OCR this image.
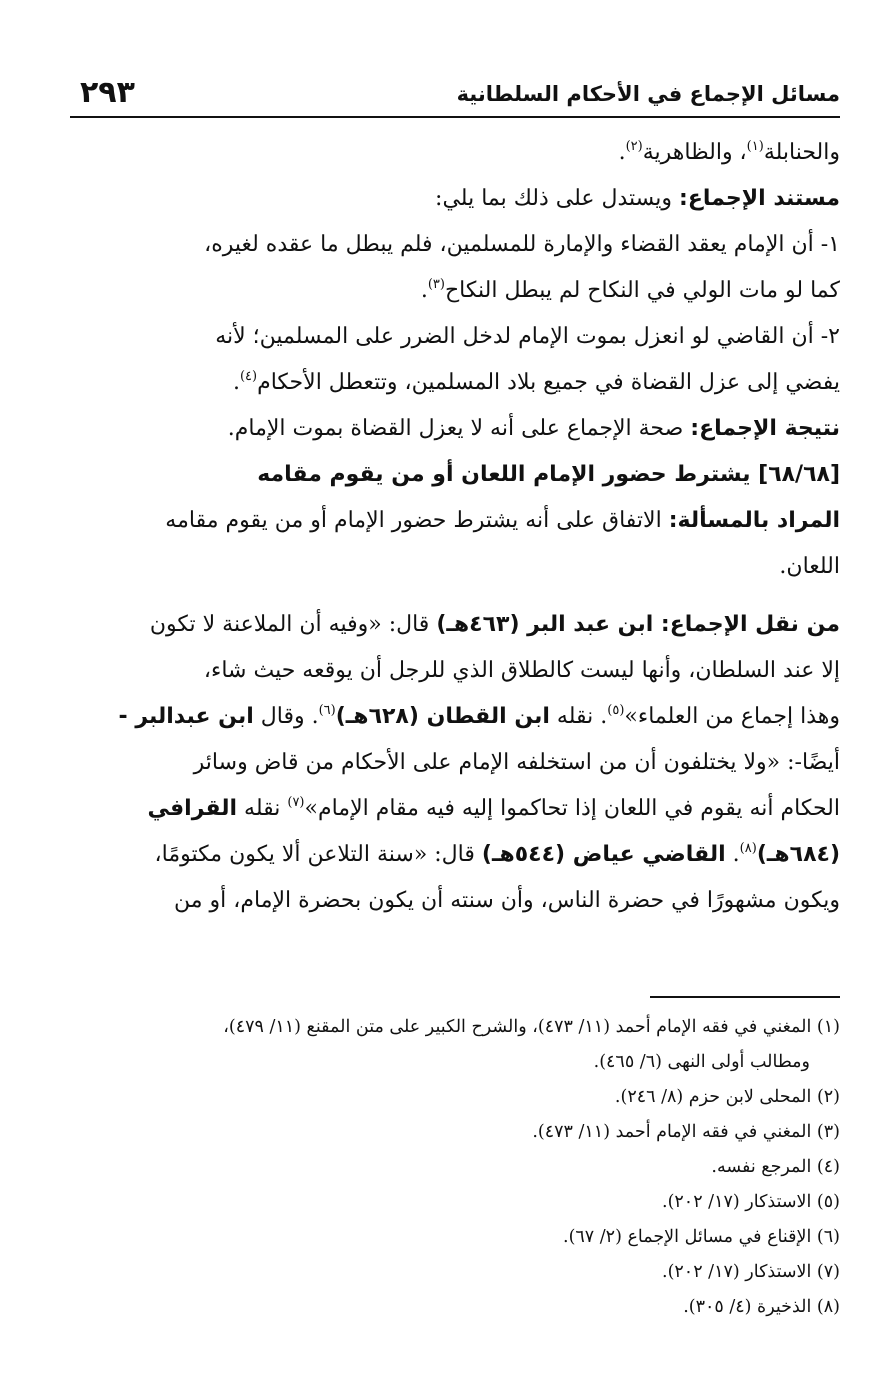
مسائل الإجماع في الأحكام السلطانية
٢٩٣

والحنابلة$^{(١)}$، والظاهرية$^{(٢)}$.

مستند الإجماع: ويستدل على ذلك بما يلي:

١- أن الإمام يعقد القضاء والإمارة للمسلمين، فلم يبطل ما عقده لغيره،
كما لو مات الولي في النكاح لم يبطل النكاح$^{(٣)}$.

٢- أن القاضي لو انعزل بموت الإمام لدخل الضرر على المسلمين؛ لأنه
يفضي إلى عزل القضاة في جميع بلاد المسلمين، وتتعطل الأحكام$^{(٤)}$.

نتيجة الإجماع: صحة الإجماع على أنه لا يعزل القضاة بموت الإمام.

[٦٨/٦٨] يشترط حضور الإمام اللعان أو من يقوم مقامه

المراد بالمسألة: الاتفاق على أنه يشترط حضور الإمام أو من يقوم مقامه
اللعان.

من نقل الإجماع: ابن عبد البر (٤٦٣هـ) قال: «وفيه أن الملاعنة لا تكون
إلا عند السلطان، وأنها ليست كالطلاق الذي للرجل أن يوقعه حيث شاء،
وهذا إجماع من العلماء»$^{(٥)}$. نقله ابن القطان (٦٢٨هـ)$^{(٦)}$. وقال ابن عبدالبر -
أيضًا-: «ولا يختلفون أن من استخلفه الإمام على الأحكام من قاض وسائر
الحكام أنه يقوم في اللعان إذا تحاكموا إليه فيه مقام الإمام»$^{(٧)}$ نقله القرافي
(٦٨٤هـ)$^{(٨)}$. القاضي عياض (٥٤٤هـ) قال: «سنة التلاعن ألا يكون مكتومًا،
ويكون مشهورًا في حضرة الناس، وأن سنته أن يكون بحضرة الإمام، أو من

(١) المغني في فقه الإمام أحمد (١١/ ٤٧٣)، والشرح الكبير على متن المقنع (١١/ ٤٧٩)،
ومطالب أولى النهى (٦/ ٤٦٥).

(٢) المحلى لابن حزم (٨/ ٢٤٦).

(٣) المغني في فقه الإمام أحمد (١١/ ٤٧٣).

(٤) المرجع نفسه.

(٥) الاستذكار (١٧/ ٢٠٢).

(٦) الإقناع في مسائل الإجماع (٢/ ٦٧).

(٧) الاستذكار (١٧/ ٢٠٢).

(٨) الذخيرة (٤/ ٣٠٥).
